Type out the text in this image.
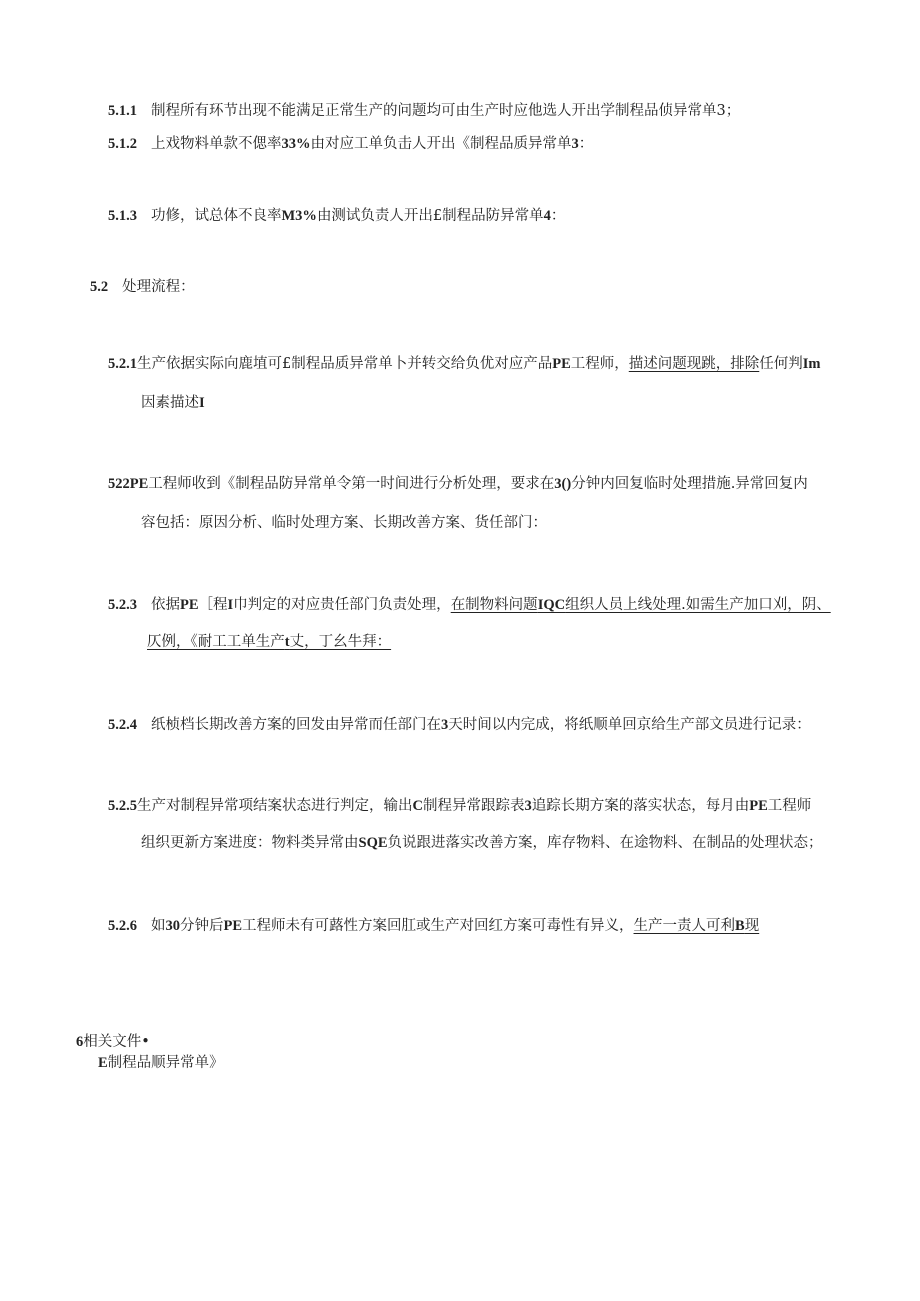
5.1.1 制程所有环节出现不能满足正常生产的问题均可由生产时应他选人开出学制程品侦异常单3；
5.1.2 上戏物料单款不偲率33%由对应工单负击人开出《制程品质异常单3：
5.1.3 功修，试总体不良率M3%由测试负责人开出£制程品防异常单4：
5.2 处理流程：
5.2.1生产依据实际向鹿埴可£制程品质异常单卜并转交给负优对应产品PE工程师，描述问题现跳，排除任何判Im
因素描述I
522PE工程师收到《制程品防异常单令第一时间进行分析处理，要求在3()分钟内回复临时处理措施.异常回复内
容包括：原因分析、临时处理方案、长期改善方案、货任部门：
5.2.3 依据PE［程I巾判定的对应贵任部门负责处理，在制物料问题IQC组织人员上线处理.如需生产加口刈，阴、
仄例，《耐工工单生产t丈，丁幺牛拜：
5.2.4 纸桢档长期改善方案的回发由异常而任部门在3天时间以内完成，将纸顺单回京给生产部文员进行记录：
5.2.5生产对制程异常项结案状态进行判定，输出C制程异常跟踪表3追踪长期方案的落实状态，每月由PE工程师
组织更新方案进度：物料类异常由SQE负说跟进落实改善方案，库存物料、在途物料、在制品的处理状态；
5.2.6 如30分钟后PE工程师未有可蕗性方案回肛或生产对回红方案可毒性有异义，生产一责人可利B现
6相关文件•
E制程品顺异常单》
